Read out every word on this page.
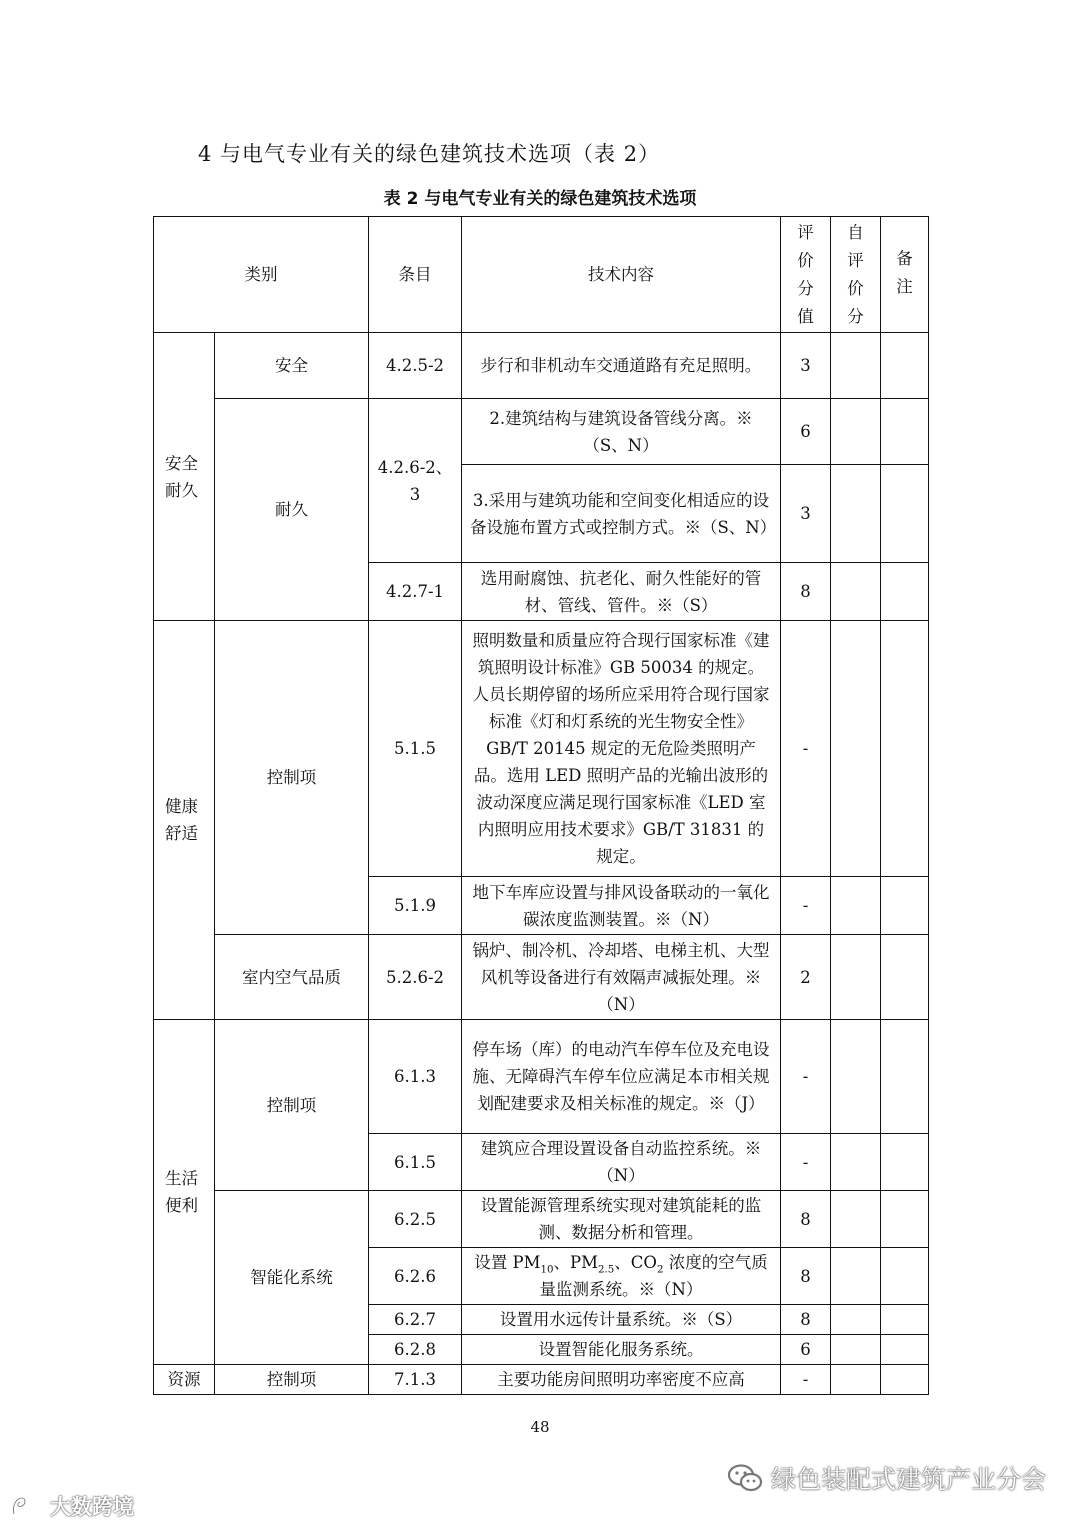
4 与电气专业有关的绿色建筑技术选项（表 2）
表 2 与电气专业有关的绿色建筑技术选项
类别		条目	技术内容	评价分值	自评价分	备注
安全耐久	安全	4.2.5-2	步行和非机动车交通道路有充足照明。	3		
	耐久	4.2.6-2、3	2.建筑结构与建筑设备管线分离。※（S、N）	6		
			3.采用与建筑功能和空间变化相适应的设备设施布置方式或控制方式。※（S、N）	3		
		4.2.7-1	选用耐腐蚀、抗老化、耐久性能好的管材、管线、管件。※（S）	8		
健康舒适	控制项	5.1.5	照明数量和质量应符合现行国家标准《建筑照明设计标准》GB 50034 的规定。人员长期停留的场所应采用符合现行国家标准《灯和灯系统的光生物安全性》GB/T 20145 规定的无危险类照明产品。选用 LED 照明产品的光输出波形的波动深度应满足现行国家标准《LED 室内照明应用技术要求》GB/T 31831 的规定。	-		
		5.1.9	地下车库应设置与排风设备联动的一氧化碳浓度监测装置。※（N）	-		
	室内空气品质	5.2.6-2	锅炉、制冷机、冷却塔、电梯主机、大型风机等设备进行有效隔声减振处理。※（N）	2		
生活便利	控制项	6.1.3	停车场（库）的电动汽车停车位及充电设施、无障碍汽车停车位应满足本市相关规划配建要求及相关标准的规定。※（J）	-		
		6.1.5	建筑应合理设置设备自动监控系统。※（N）	-		
	智能化系统	6.2.5	设置能源管理系统实现对建筑能耗的监测、数据分析和管理。	8		
		6.2.6	设置 $PM_{10}$、$PM_{2.5}$、$CO_2$ 浓度的空气质量监测系统。※（N）	8		
		6.2.7	设置用水远传计量系统。※（S）	8		
		6.2.8	设置智能化服务系统。	6		
资源	控制项	7.1.3	主要功能房间照明功率密度不应高	-		
48
绿色装配式建筑产业分会
大数跨境
